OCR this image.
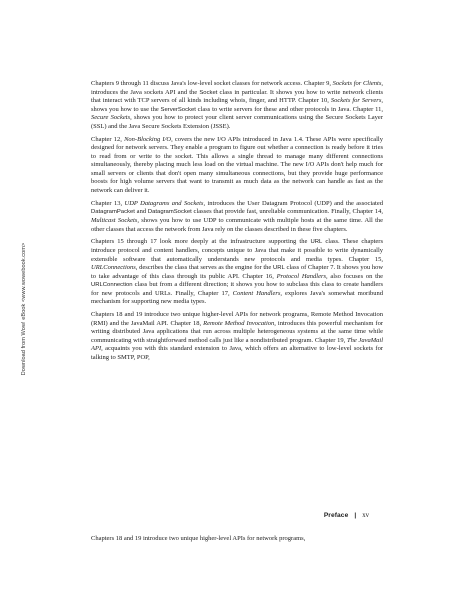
Download from Wow! eBook <www.wowebook.com>

Chapters 9 through 11 discuss Java's low-level socket classes for network access. Chapter 9, Sockets for Clients, introduces the Java sockets API and the Socket class in particular. It shows you how to write network clients that interact with TCP servers of all kinds including whois, finger, and HTTP. Chapter 10, Sockets for Servers, shows you how to use the ServerSocket class to write servers for these and other protocols in Java. Chapter 11, Secure Sockets, shows you how to protect your client server communications using the Secure Sockets Layer (SSL) and the Java Secure Sockets Extension (JSSE).

Chapter 12, Non-Blocking I/O, covers the new I/O APIs introduced in Java 1.4. These APIs were specifically designed for network servers. They enable a program to figure out whether a connection is ready before it tries to read from or write to the socket. This allows a single thread to manage many different connections simultaneously, thereby placing much less load on the virtual machine. The new I/O APIs don't help much for small servers or clients that don't open many simultaneous connections, but they provide huge performance boosts for high volume servers that want to transmit as much data as the network can handle as fast as the network can deliver it.

Chapter 13, UDP Datagrams and Sockets, introduces the User Datagram Protocol (UDP) and the associated DatagramPacket and DatagramSocket classes that provide fast, unreliable communication. Finally, Chapter 14, Multicast Sockets, shows you how to use UDP to communicate with multiple hosts at the same time. All the other classes that access the network from Java rely on the classes described in these five chapters.

Chapters 15 through 17 look more deeply at the infrastructure supporting the URL class. These chapters introduce protocol and content handlers, concepts unique to Java that make it possible to write dynamically extensible software that automatically understands new protocols and media types. Chapter 15, URLConnections, describes the class that serves as the engine for the URL class of Chapter 7. It shows you how to take advantage of this class through its public API. Chapter 16, Protocol Handlers, also focuses on the URLConnection class but from a different direction; it shows you how to subclass this class to create handlers for new protocols and URLs. Finally, Chapter 17, Content Handlers, explores Java's somewhat moribund mechanism for supporting new media types.

Chapters 18 and 19 introduce two unique higher-level APIs for network programs, Remote Method Invocation (RMI) and the JavaMail API. Chapter 18, Remote Method Invocation, introduces this powerful mechanism for writing distributed Java applications that run across multiple heterogeneous systems at the same time while communicating with straightforward method calls just like a nondistributed program. Chapter 19, The JavaMail API, acquaints you with this standard extension to Java, which offers an alternative to low-level sockets for talking to SMTP, POP,

Preface | xv
Chapters 18 and 19 introduce two unique higher-level APIs for network programs,
